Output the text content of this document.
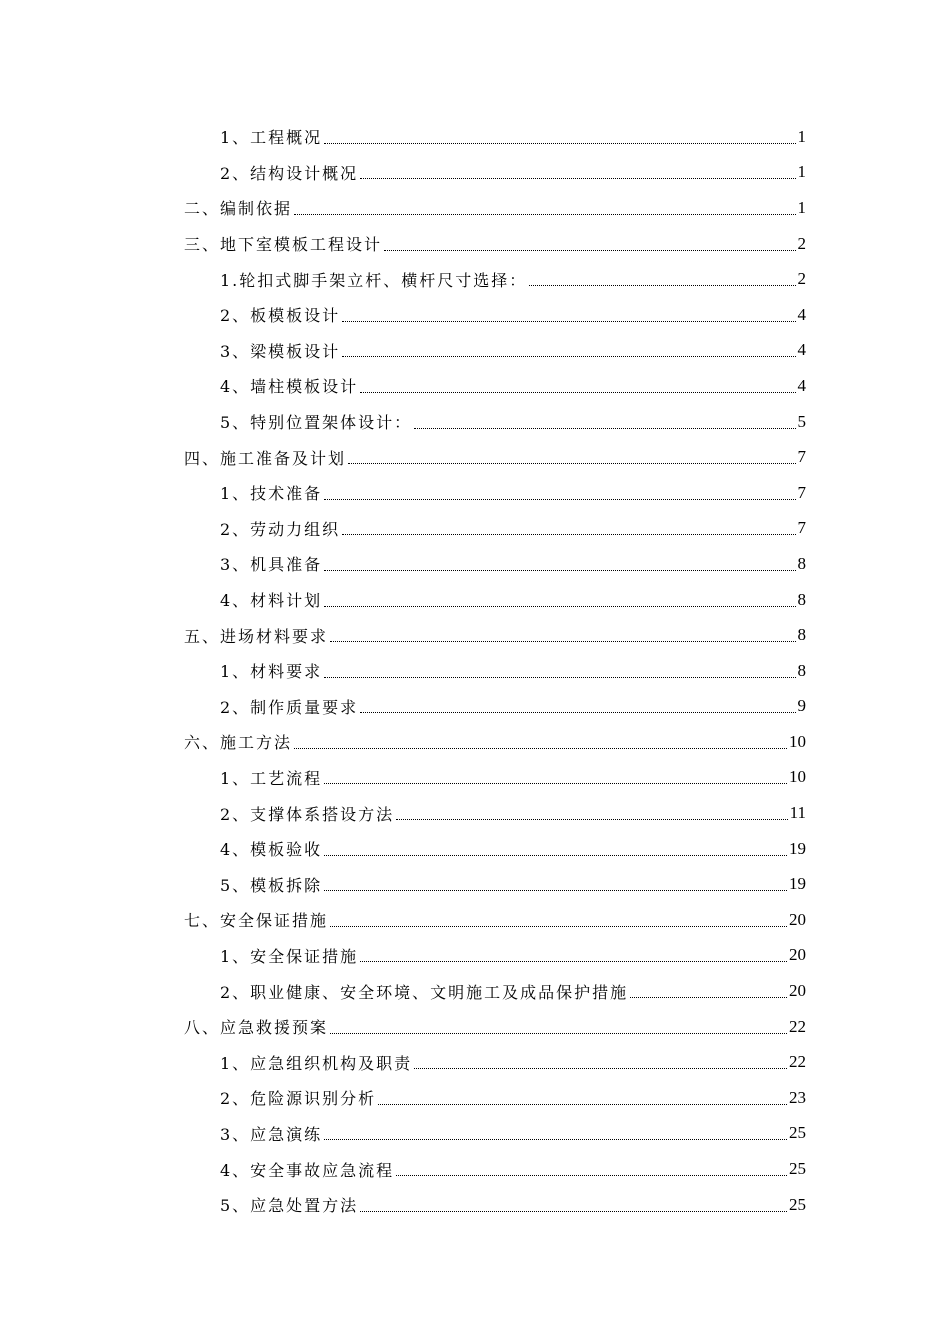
1、工程概况	1
2、结构设计概况	1
二、编制依据	1
三、地下室模板工程设计	2
1.轮扣式脚手架立杆、横杆尺寸选择：	2
2、板模板设计	4
3、梁模板设计	4
4、墙柱模板设计	4
5、特别位置架体设计：	5
四、施工准备及计划	7
1、技术准备	7
2、劳动力组织	7
3、机具准备	8
4、材料计划	8
五、进场材料要求	8
1、材料要求	8
2、制作质量要求	9
六、施工方法	10
1、工艺流程	10
2、支撑体系搭设方法	11
4、模板验收	19
5、模板拆除	19
七、安全保证措施	20
1、安全保证措施	20
2、职业健康、安全环境、文明施工及成品保护措施	20
八、应急救援预案	22
1、应急组织机构及职责	22
2、危险源识别分析	23
3、应急演练	25
4、安全事故应急流程	25
5、应急处置方法	25
